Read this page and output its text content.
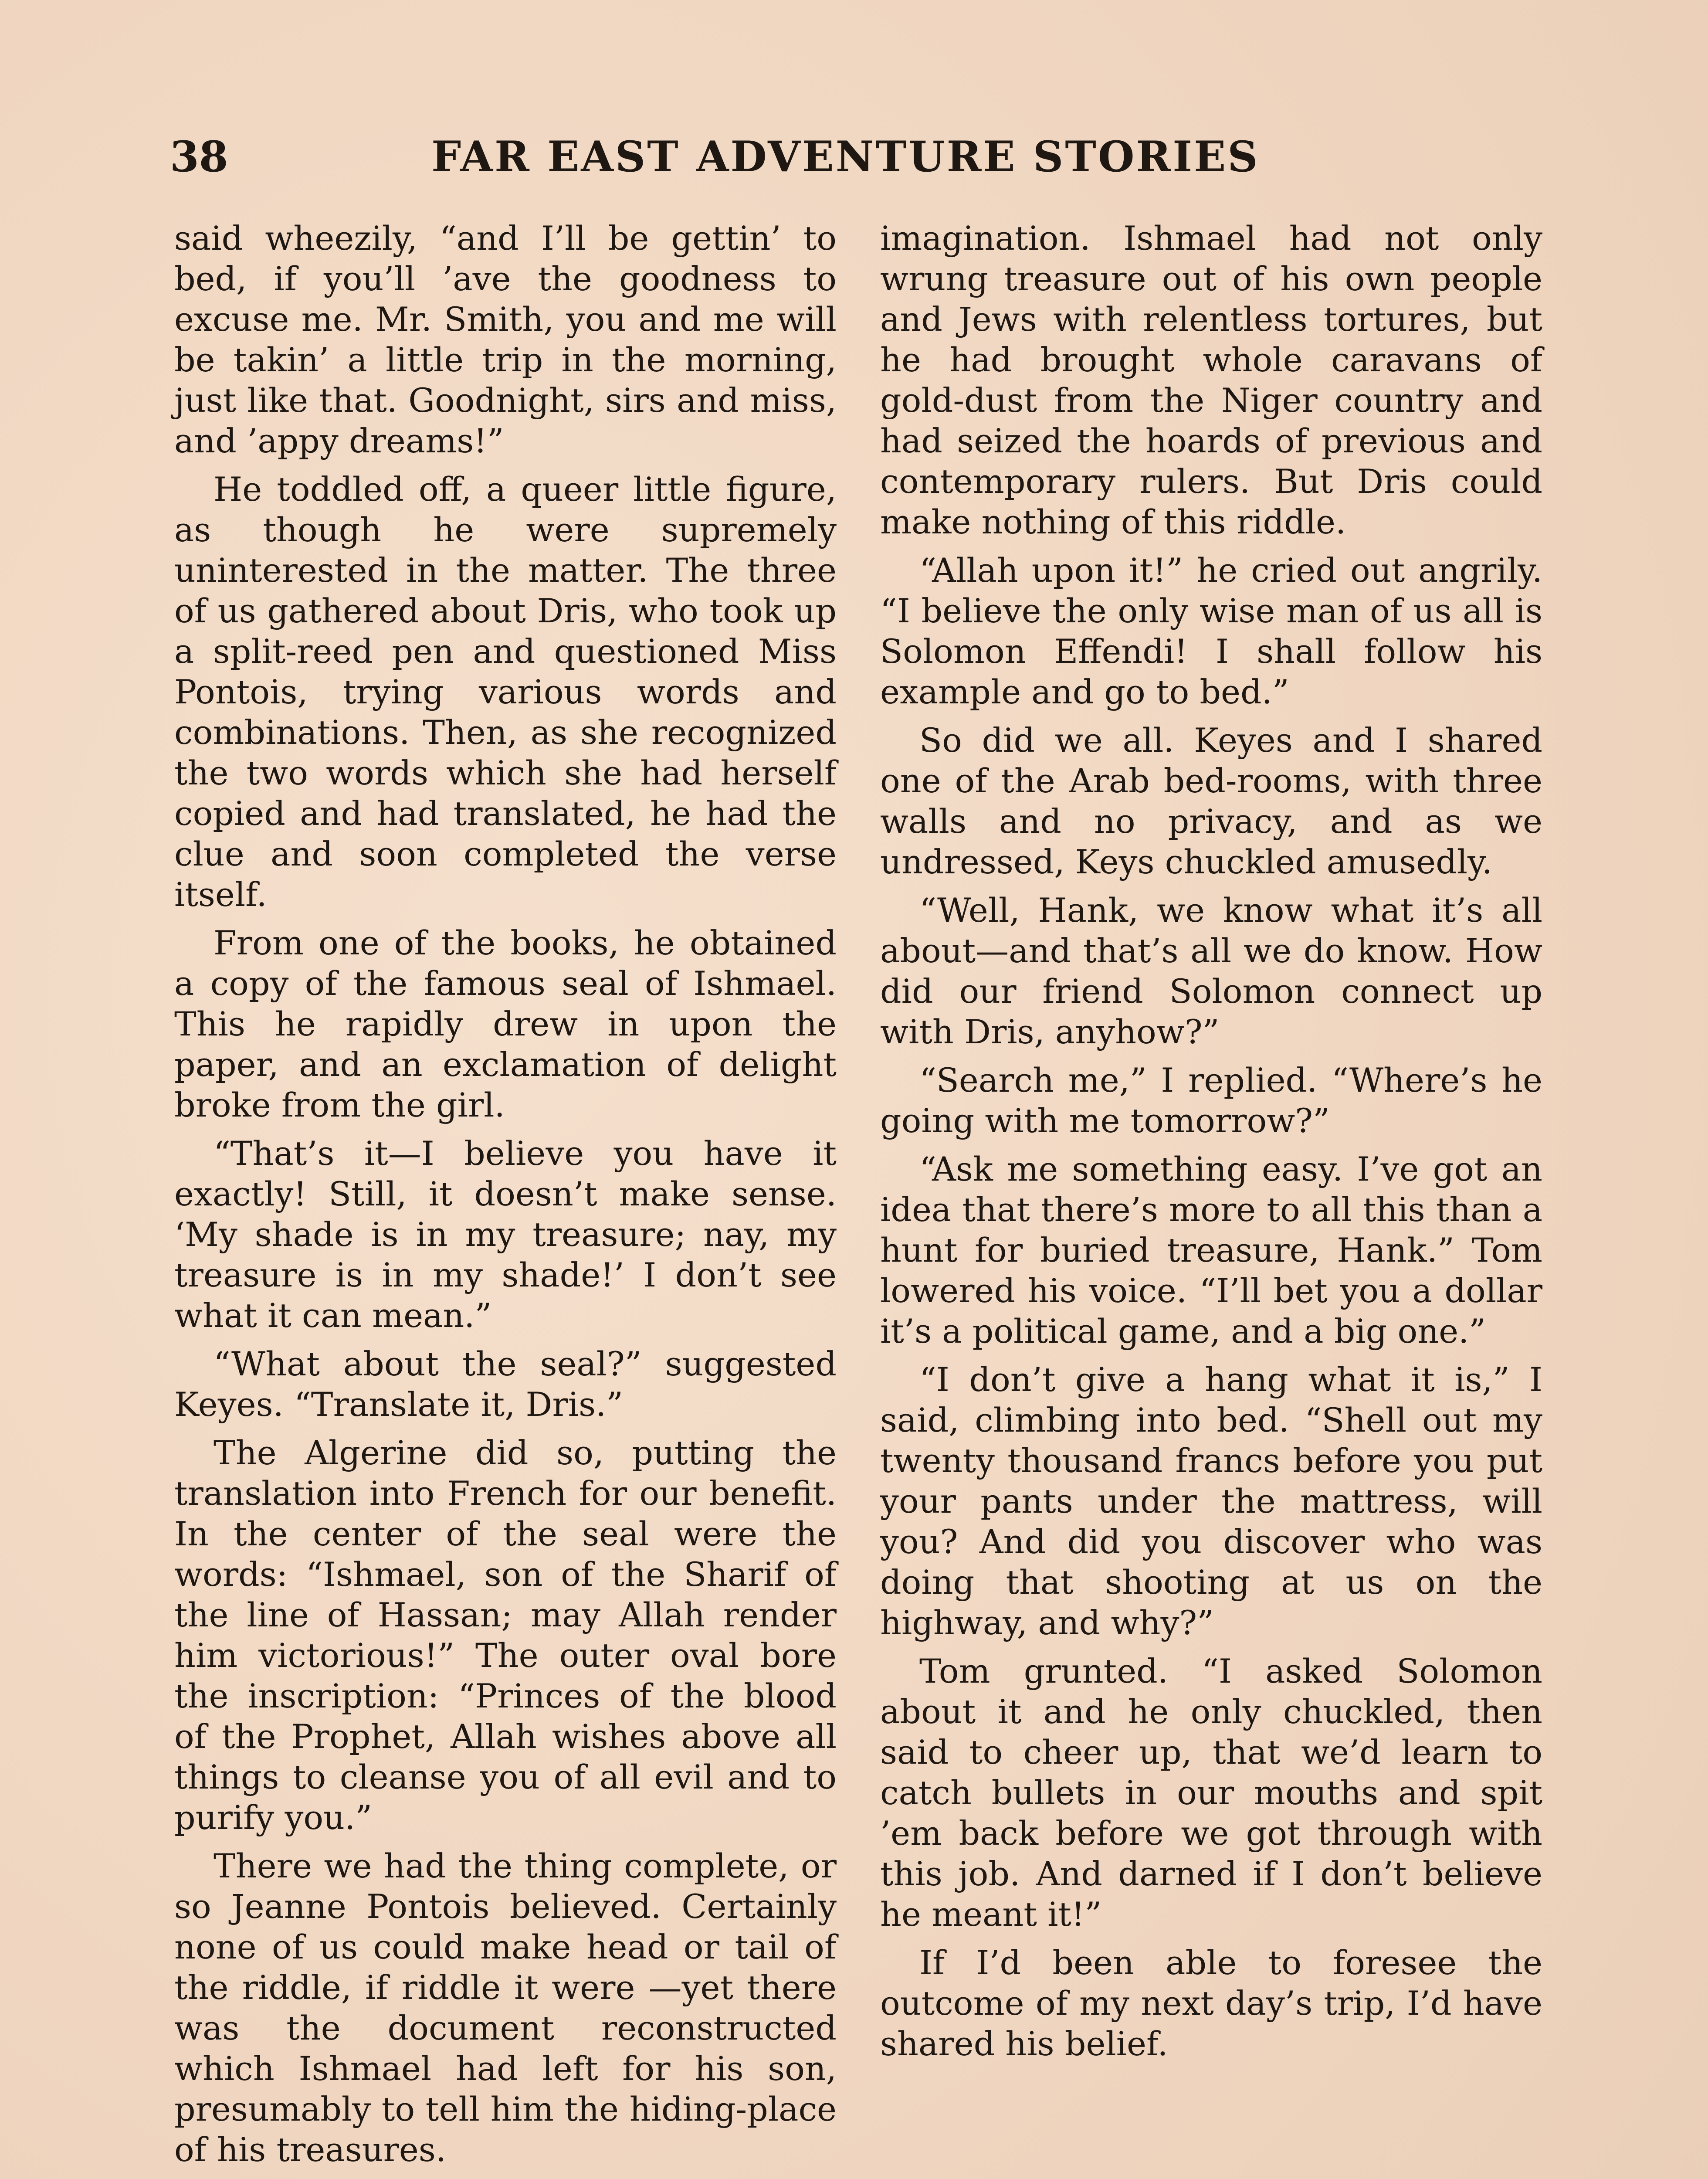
38	FAR EAST ADVENTURE STORIES

said wheezily, “and I’ll be gettin’ to bed, if you’ll ’ave the goodness to excuse me. Mr. Smith, you and me will be takin’ a little trip in the morning, just like that. Goodnight, sirs and miss, and ’appy dreams!”

He toddled off, a queer little figure, as though he were supremely uninterested in the matter. The three of us gathered about Dris, who took up a split-reed pen and questioned Miss Pontois, trying various words and combinations. Then, as she recognized the two words which she had herself copied and had translated, he had the clue and soon completed the verse itself.

From one of the books, he obtained a copy of the famous seal of Ishmael. This he rapidly drew in upon the paper, and an exclamation of delight broke from the girl.

“That’s it—I believe you have it exactly! Still, it doesn’t make sense. ‘My shade is in my treasure; nay, my treasure is in my shade!’ I don’t see what it can mean.”

“What about the seal?” suggested Keyes. “Translate it, Dris.”

The Algerine did so, putting the translation into French for our benefit. In the center of the seal were the words: “Ishmael, son of the Sharif of the line of Hassan; may Allah render him victorious!” The outer oval bore the inscription: “Princes of the blood of the Prophet, Allah wishes above all things to cleanse you of all evil and to purify you.”

There we had the thing complete, or so Jeanne Pontois believed. Certainly none of us could make head or tail of the riddle, if riddle it were —yet there was the document reconstructed which Ishmael had left for his son, presumably to tell him the hiding-place of his treasures.

imagination. Ishmael had not only wrung treasure out of his own people and Jews with relentless tortures, but he had brought whole caravans of gold-dust from the Niger country and had seized the hoards of previous and contemporary rulers. But Dris could make nothing of this riddle.

“Allah upon it!” he cried out angrily. “I believe the only wise man of us all is Solomon Effendi! I shall follow his example and go to bed.”

So did we all. Keyes and I shared one of the Arab bed-rooms, with three walls and no privacy, and as we undressed, Keys chuckled amusedly.

“Well, Hank, we know what it’s all about—and that’s all we do know. How did our friend Solomon connect up with Dris, anyhow?”

“Search me,” I replied. “Where’s he going with me tomorrow?”

“Ask me something easy. I’ve got an idea that there’s more to all this than a hunt for buried treasure, Hank.” Tom lowered his voice. “I’ll bet you a dollar it’s a political game, and a big one.”

“I don’t give a hang what it is,” I said, climbing into bed. “Shell out my twenty thousand francs before you put your pants under the mattress, will you? And did you discover who was doing that shooting at us on the highway, and why?”

Tom grunted. “I asked Solomon about it and he only chuckled, then said to cheer up, that we’d learn to catch bullets in our mouths and spit ’em back before we got through with this job. And darned if I don’t believe he meant it!”

If I’d been able to foresee the outcome of my next day’s trip, I’d have shared his belief.
